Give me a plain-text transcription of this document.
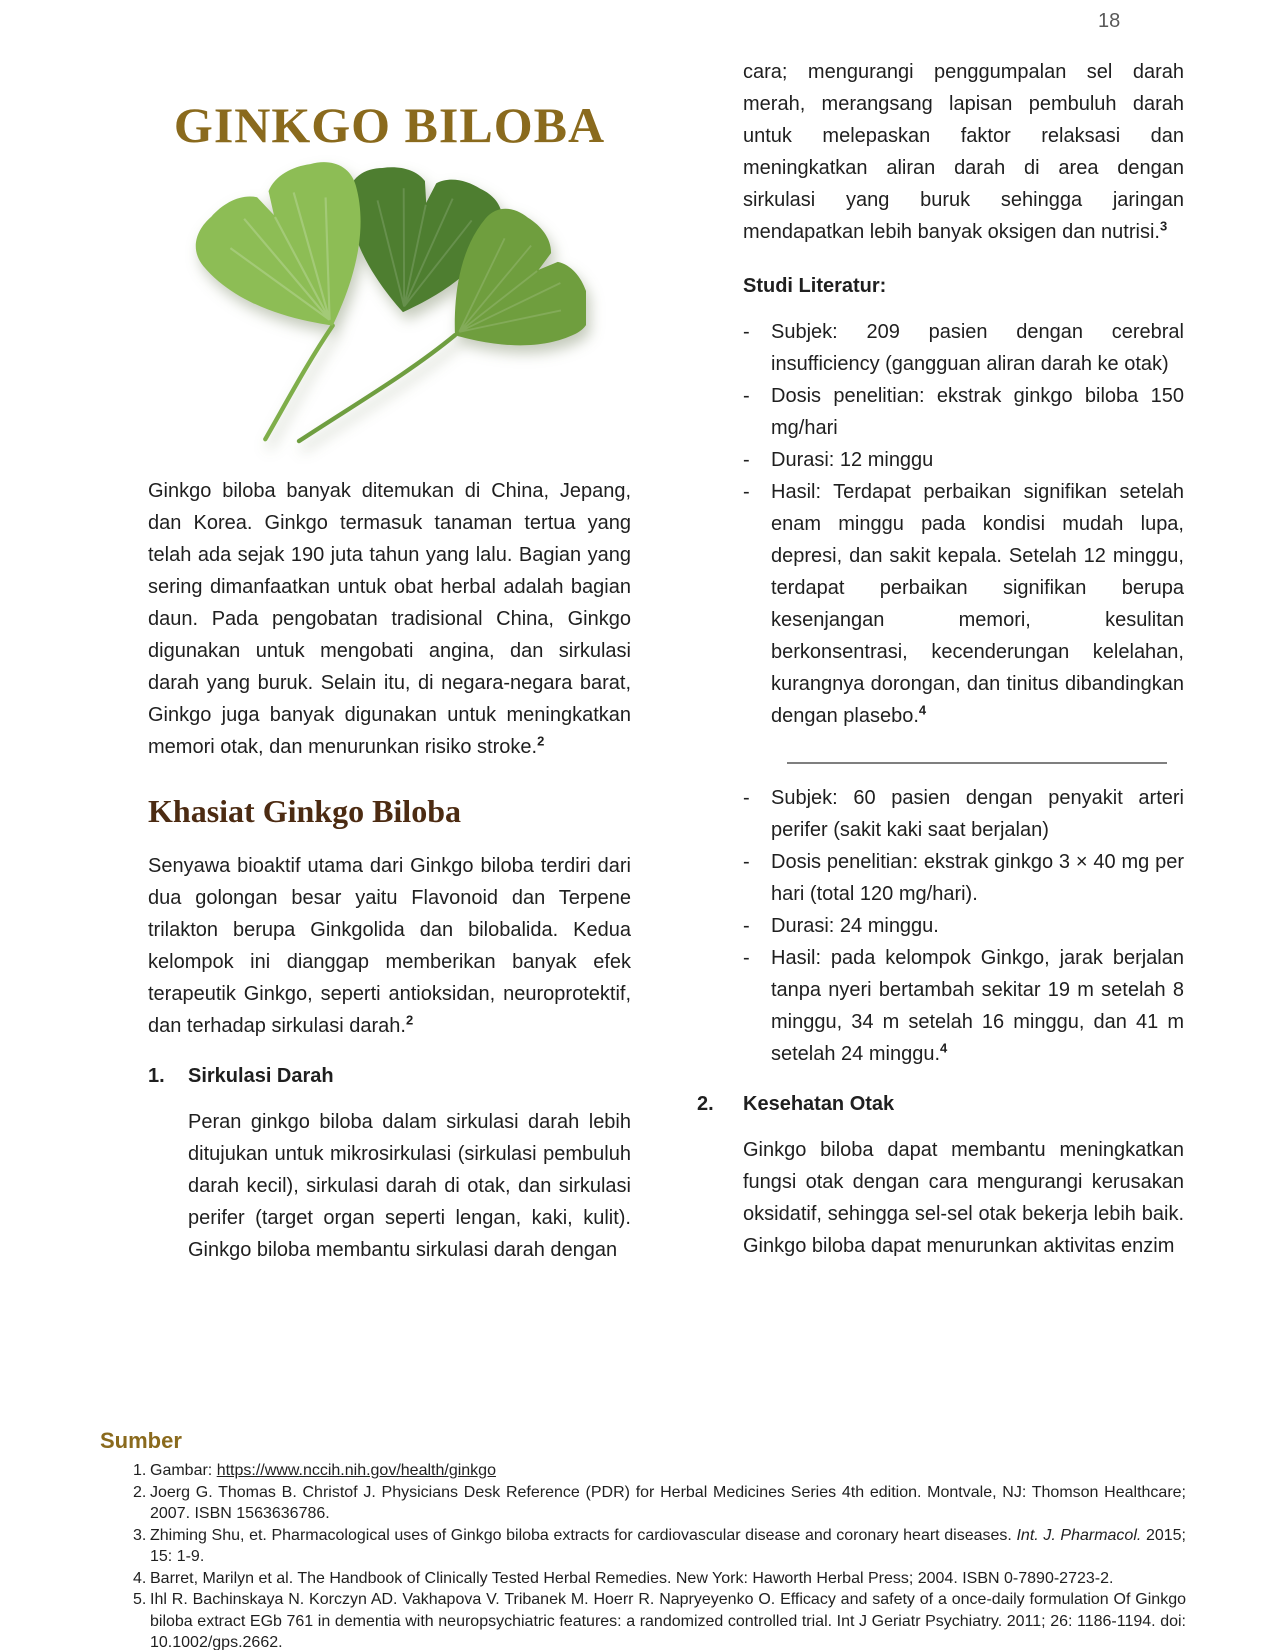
18
GINKGO BILOBA

Ginkgo biloba banyak ditemukan di China, Jepang, dan Korea. Ginkgo termasuk tanaman tertua yang telah ada sejak 190 juta tahun yang lalu. Bagian yang sering dimanfaatkan untuk obat herbal adalah bagian daun. Pada pengobatan tradisional China, Ginkgo digunakan untuk mengobati angina, dan sirkulasi darah yang buruk. Selain itu, di negara-negara barat, Ginkgo juga banyak digunakan untuk meningkatkan memori otak, dan menurunkan risiko stroke.$^2$

Khasiat Ginkgo Biloba

Senyawa bioaktif utama dari Ginkgo biloba terdiri dari dua golongan besar yaitu Flavonoid dan Terpene trilakton berupa Ginkgolida dan bilobalida. Kedua kelompok ini dianggap memberikan banyak efek terapeutik Ginkgo, seperti antioksidan, neuroprotektif, dan terhadap sirkulasi darah.$^2$

1.	Sirkulasi Darah

Peran ginkgo biloba dalam sirkulasi darah lebih ditujukan untuk mikrosirkulasi (sirkulasi pembuluh darah kecil), sirkulasi darah di otak, dan sirkulasi perifer (target organ seperti lengan, kaki, kulit). Ginkgo biloba membantu sirkulasi darah dengan

cara; mengurangi penggumpalan sel darah merah, merangsang lapisan pembuluh darah untuk melepaskan faktor relaksasi dan meningkatkan aliran darah di area dengan sirkulasi yang buruk sehingga jaringan mendapatkan lebih banyak oksigen dan nutrisi.$^3$

Studi Literatur:
-	Subjek: 209 pasien dengan cerebral insufficiency (gangguan aliran darah ke otak)
-	Dosis penelitian: ekstrak ginkgo biloba 150 mg/hari
-	Durasi: 12 minggu
-	Hasil: Terdapat perbaikan signifikan setelah enam minggu pada kondisi mudah lupa, depresi, dan sakit kepala. Setelah 12 minggu, terdapat perbaikan signifikan berupa kesenjangan memori, kesulitan berkonsentrasi, kecenderungan kelelahan, kurangnya dorongan, dan tinitus dibandingkan dengan plasebo.$^4$
-	Subjek: 60 pasien dengan penyakit arteri perifer (sakit kaki saat berjalan)
-	Dosis penelitian: ekstrak ginkgo 3 × 40 mg per hari (total 120 mg/hari).
-	Durasi: 24 minggu.
-	Hasil: pada kelompok Ginkgo, jarak berjalan tanpa nyeri bertambah sekitar 19 m setelah 8 minggu, 34 m setelah 16 minggu, dan 41 m setelah 24 minggu.$^4$
2.	Kesehatan Otak

Ginkgo biloba dapat membantu meningkatkan fungsi otak dengan cara mengurangi kerusakan oksidatif, sehingga sel-sel otak bekerja lebih baik. Ginkgo biloba dapat menurunkan aktivitas enzim

Sumber
1. Gambar: https://www.nccih.nih.gov/health/ginkgo
2. Joerg G. Thomas B. Christof J. Physicians Desk Reference (PDR) for Herbal Medicines Series 4th edition. Montvale, NJ: Thomson Healthcare; 2007. ISBN 1563636786.
3. Zhiming Shu, et. Pharmacological uses of Ginkgo biloba extracts for cardiovascular disease and coronary heart diseases. Int. J. Pharmacol. 2015; 15: 1-9.
4. Barret, Marilyn et al. The Handbook of Clinically Tested Herbal Remedies. New York: Haworth Herbal Press; 2004. ISBN 0-7890-2723-2.
5. Ihl R. Bachinskaya N. Korczyn AD. Vakhapova V. Tribanek M. Hoerr R. Napryeyenko O. Efficacy and safety of a once-daily formulation Of Ginkgo biloba extract EGb 761 in dementia with neuropsychiatric features: a randomized controlled trial. Int J Geriatr Psychiatry. 2011; 26: 1186-1194. doi: 10.1002/gps.2662.
